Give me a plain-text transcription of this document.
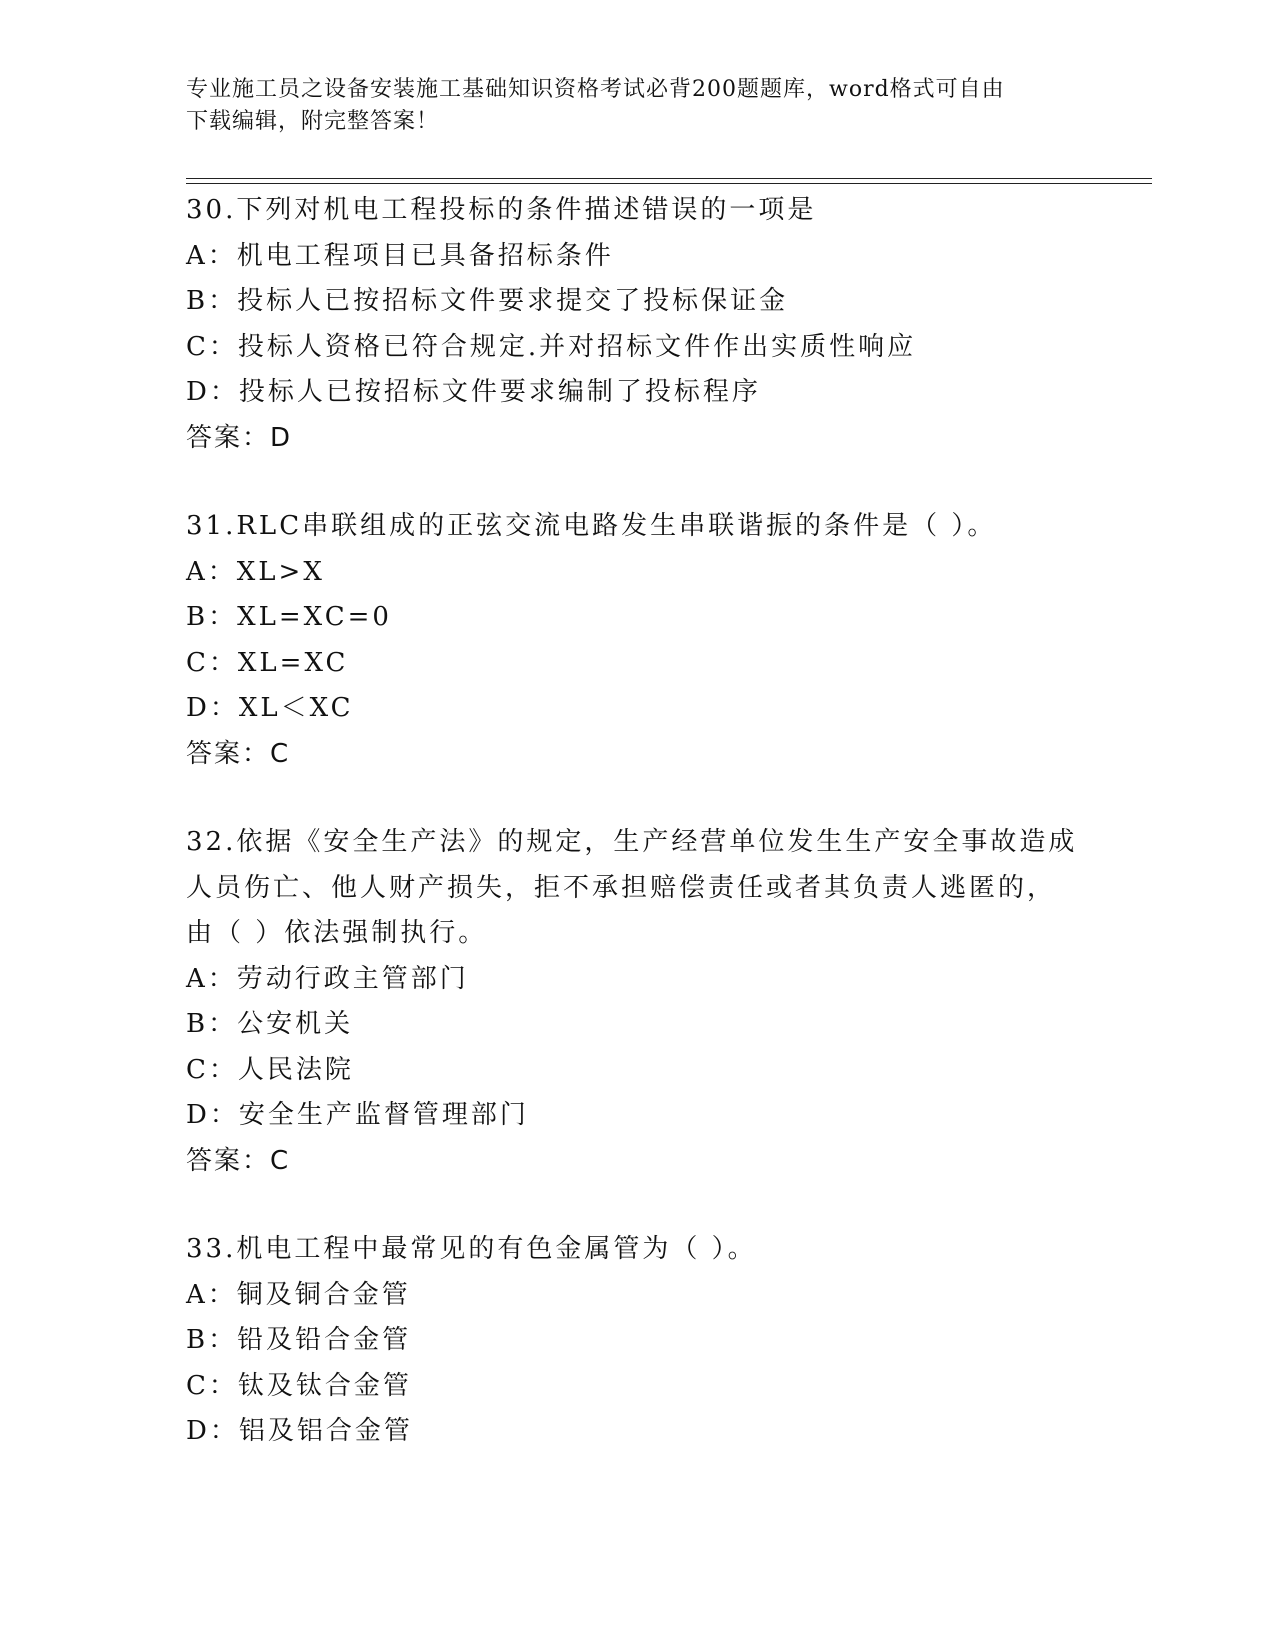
专业施工员之设备安装施工基础知识资格考试必背200题题库，word格式可自由
下载编辑，附完整答案！
30.下列对机电工程投标的条件描述错误的一项是
A：机电工程项目已具备招标条件
B：投标人已按招标文件要求提交了投标保证金
C：投标人资格已符合规定.并对招标文件作出实质性响应
D：投标人已按招标文件要求编制了投标程序
答案：D
31.RLC串联组成的正弦交流电路发生串联谐振的条件是（ ）。
A：XL>X
B：XL=XC=0
C：XL=XC
D：XL＜XC
答案：C
32.依据《安全生产法》的规定，生产经营单位发生生产安全事故造成
人员伤亡、他人财产损失，拒不承担赔偿责任或者其负责人逃匿的，
由（ ）依法强制执行。
A：劳动行政主管部门
B：公安机关
C：人民法院
D：安全生产监督管理部门
答案：C
33.机电工程中最常见的有色金属管为（ ）。
A：铜及铜合金管
B：铅及铅合金管
C：钛及钛合金管
D：铝及铝合金管
